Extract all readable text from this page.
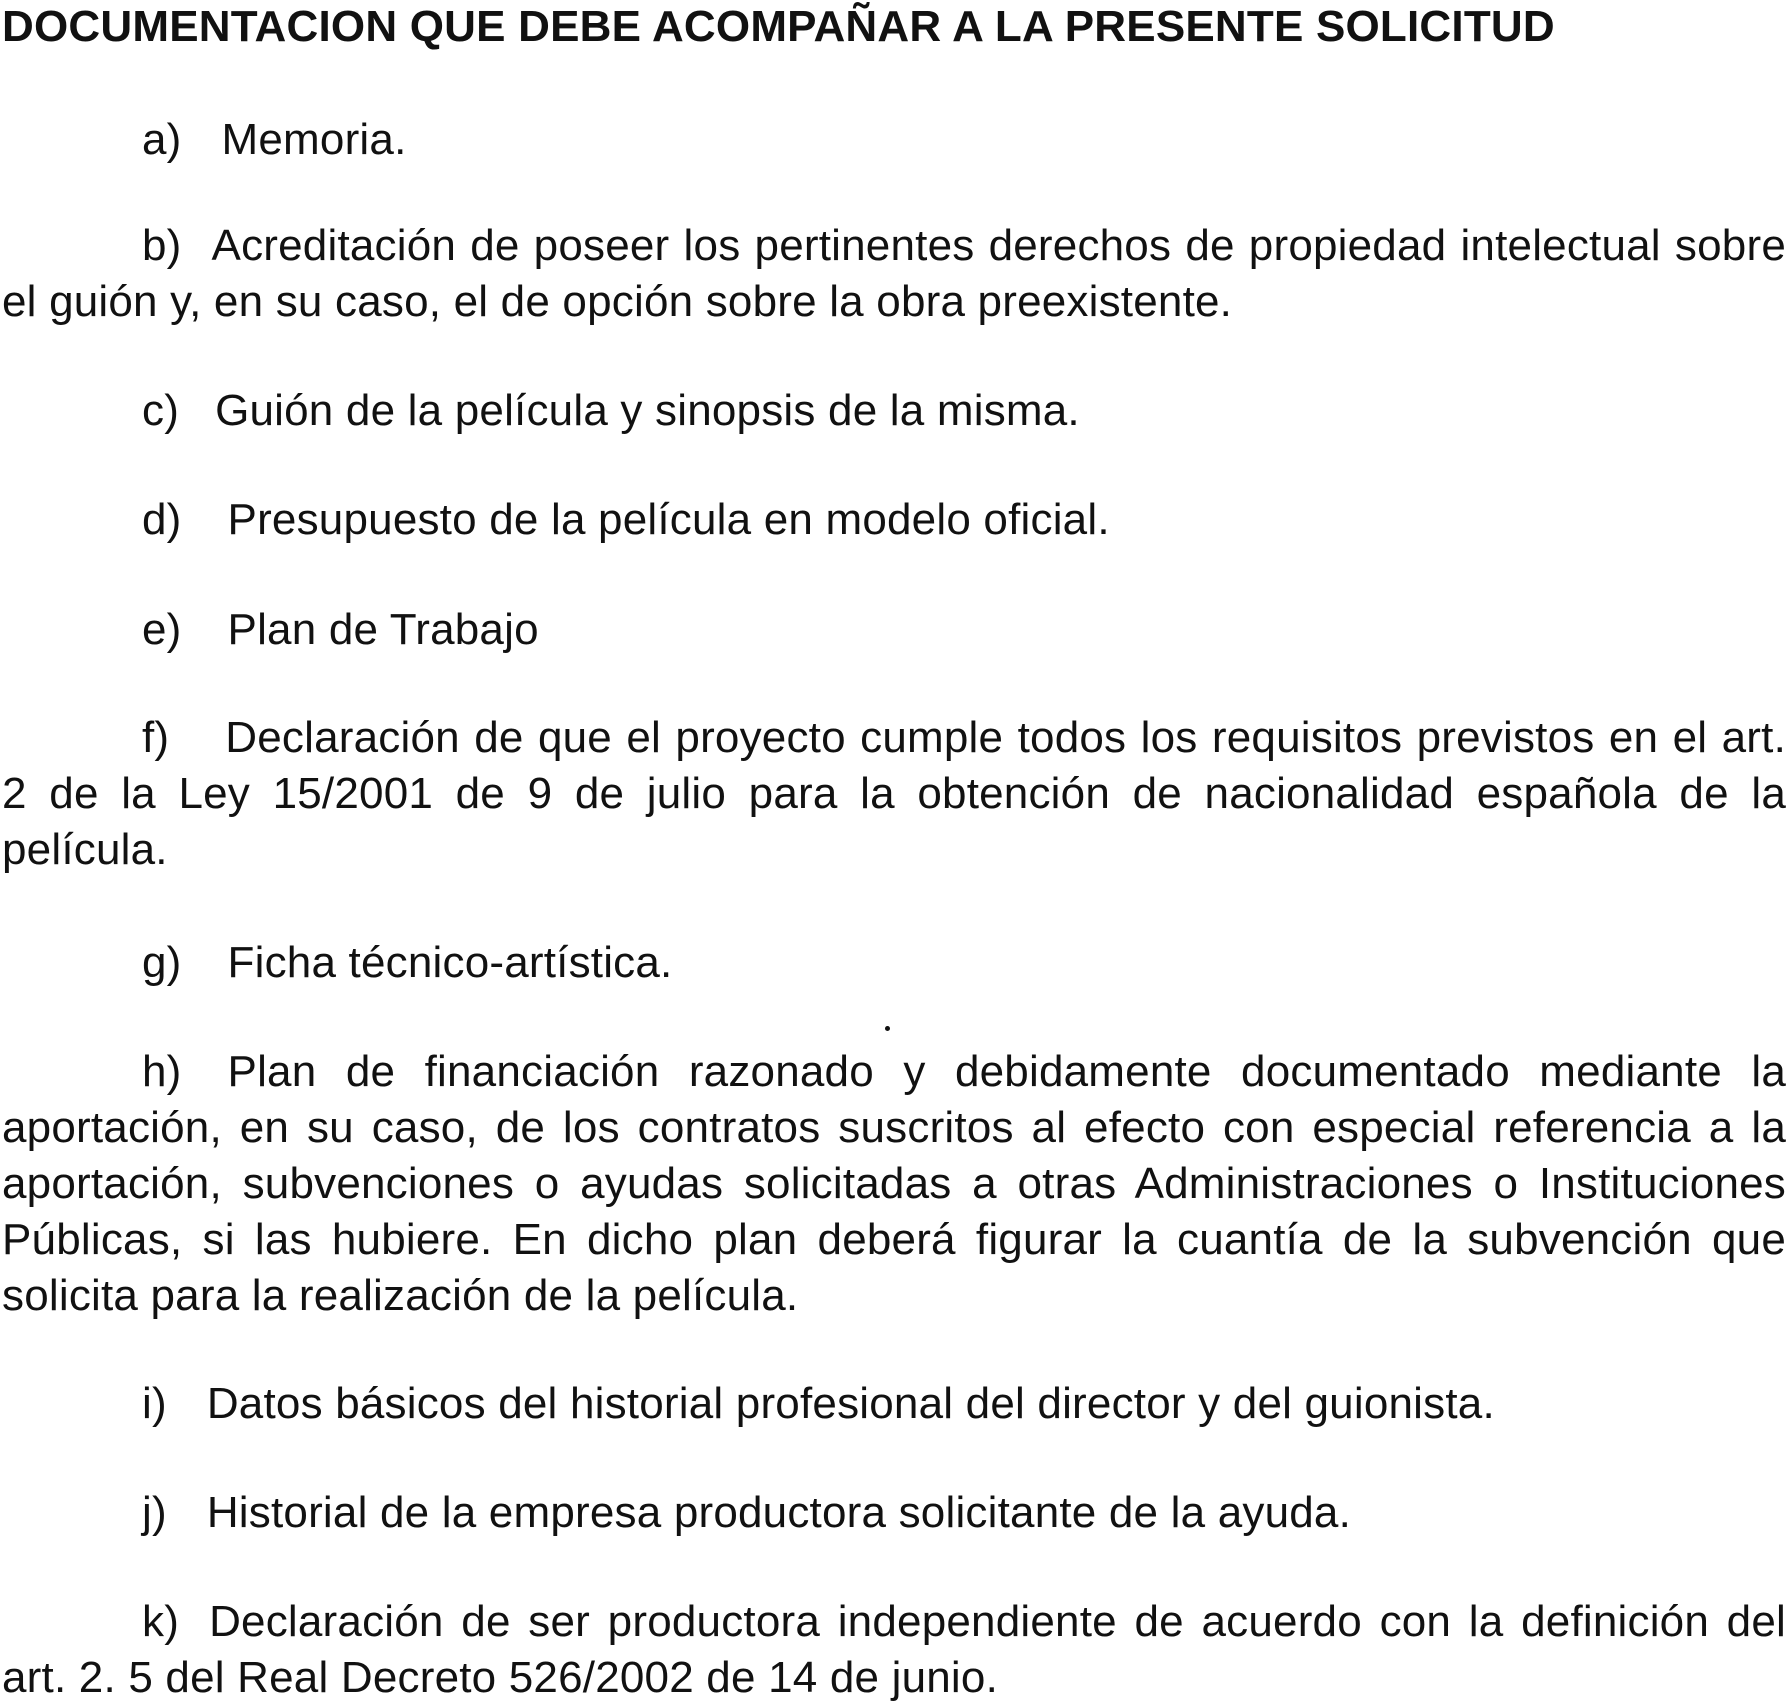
DOCUMENTACION QUE DEBE ACOMPAÑAR A LA PRESENTE SOLICITUD

a) Memoria.

b) Acreditación de poseer los pertinentes derechos de propiedad intelectual sobre el guión y, en su caso, el de opción sobre la obra preexistente.

c) Guión de la película y sinopsis de la misma.

d) Presupuesto de la película en modelo oficial.

e) Plan de Trabajo

f) Declaración de que el proyecto cumple todos los requisitos previstos en el art. 2 de la Ley 15/2001 de 9 de julio para la obtención de nacionalidad española de la película.

g) Ficha técnico-artística.

h) Plan de financiación razonado y debidamente documentado mediante la aportación, en su caso, de los contratos suscritos al efecto con especial referencia a la aportación, subvenciones o ayudas solicitadas a otras Administraciones o Instituciones Públicas, si las hubiere. En dicho plan deberá figurar la cuantía de la subvención que solicita para la realización de la película.

i) Datos básicos del historial profesional del director y del guionista.

j) Historial de la empresa productora solicitante de la ayuda.

k) Declaración de ser productora independiente de acuerdo con la definición del art. 2. 5 del Real Decreto 526/2002 de 14 de junio.
